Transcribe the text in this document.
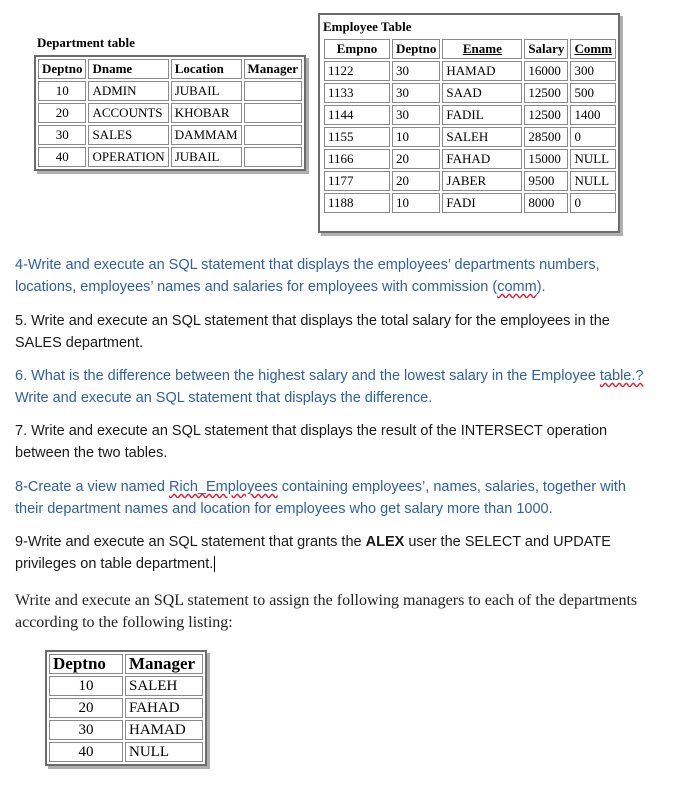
Department table
Deptno	Dname	Location	Manager
10	ADMIN	JUBAIL	
20	ACCOUNTS	KHOBAR	
30	SALES	DAMMAM	
40	OPERATION	JUBAIL	
Employee Table
Empno	Deptno	Ename	Salary	Comm
1122	30	HAMAD	16000	300
1133	30	SAAD	12500	500
1144	30	FADIL	12500	1400
1155	10	SALEH	28500	0
1166	20	FAHAD	15000	NULL
1177	20	JABER	9500	NULL
1188	10	FADI	8000	0

4-Write and execute an SQL statement that displays the employees’ departments numbers, locations, employees’ names and salaries for employees with commission (comm).

5. Write and execute an SQL statement that displays the total salary for the employees in the SALES department.

6. What is the difference between the highest salary and the lowest salary in the Employee table.? Write and execute an SQL statement that displays the difference.

7. Write and execute an SQL statement that displays the result of the INTERSECT operation between the two tables.

8-Create a view named Rich_Employees containing employees’, names, salaries, together with their department names and location for employees who get salary more than 1000.

9-Write and execute an SQL statement that grants the ALEX user the SELECT and UPDATE privileges on table department.

Write and execute an SQL statement to assign the following managers to each of the departments according to the following listing:

Deptno	Manager
10	SALEH
20	FAHAD
30	HAMAD
40	NULL
